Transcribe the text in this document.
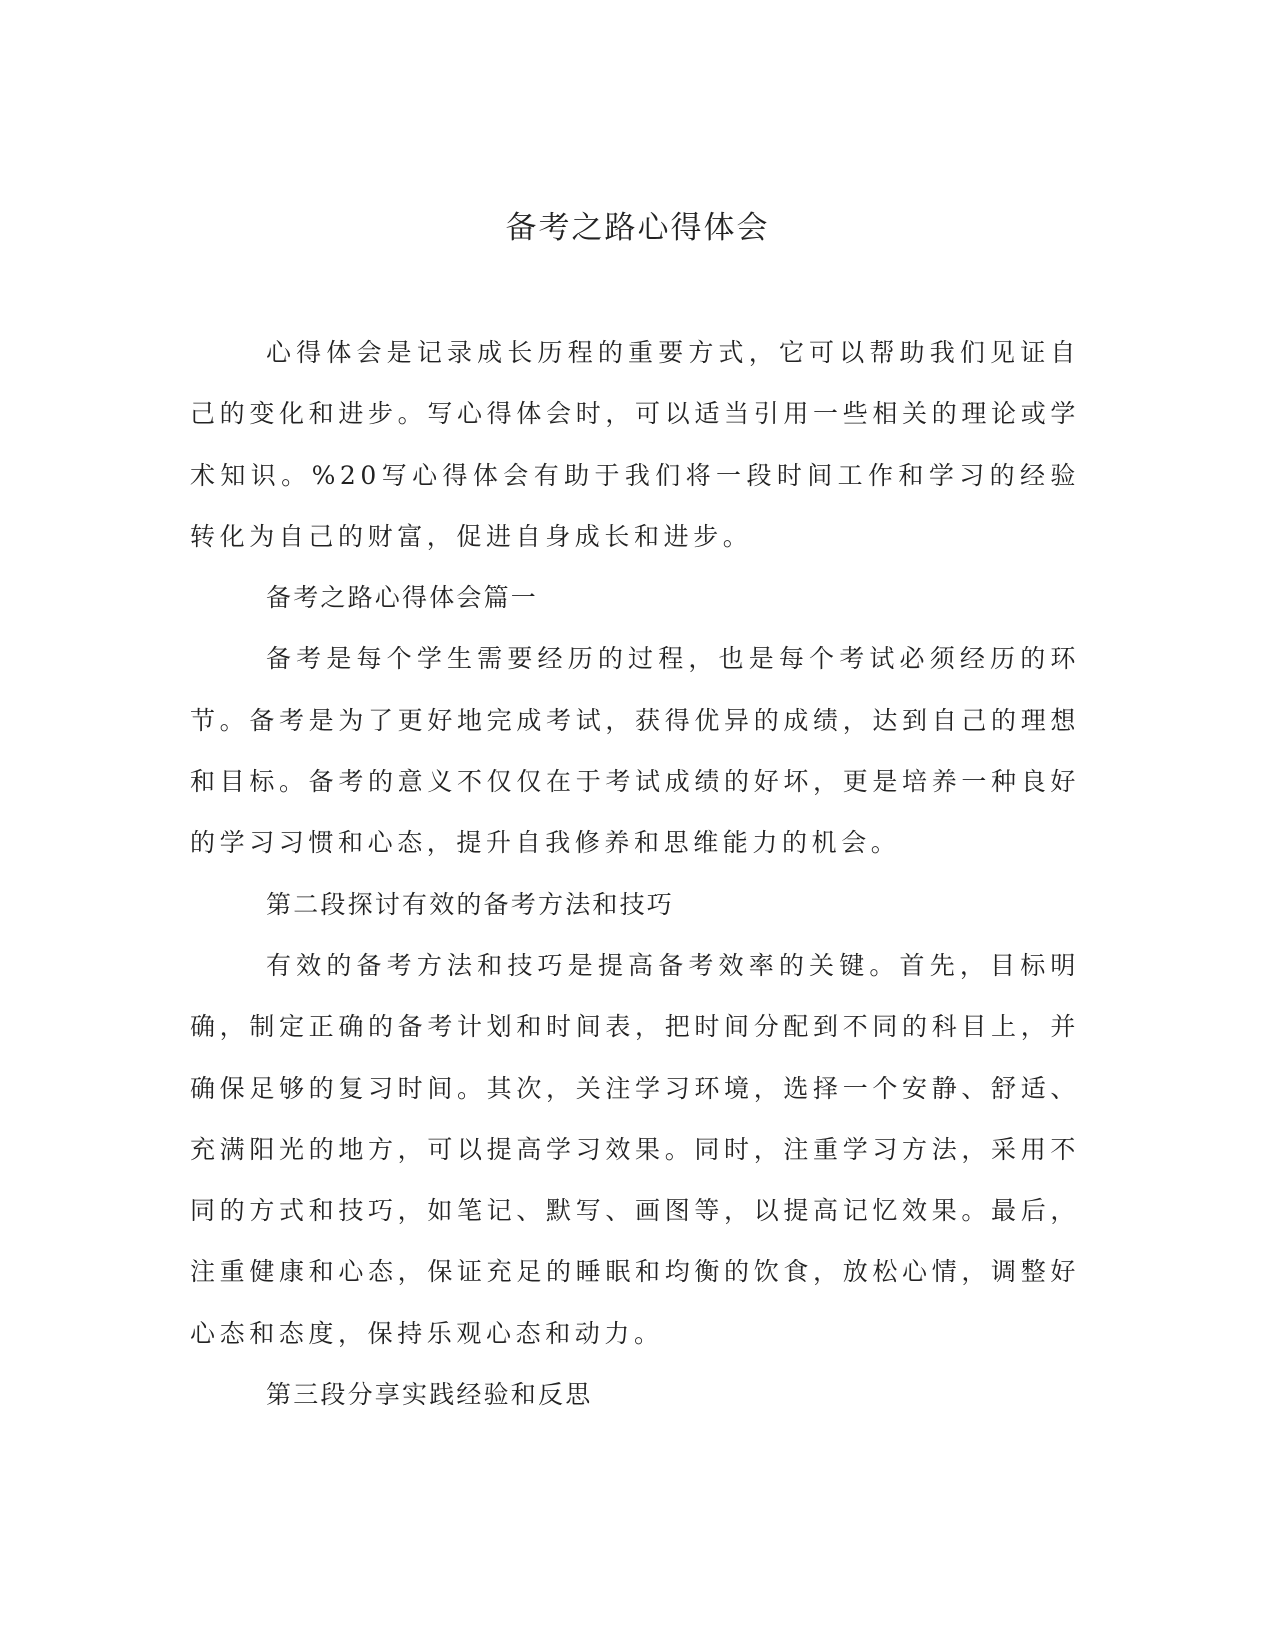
备考之路心得体会

心得体会是记录成长历程的重要方式，它可以帮助我们见证自己的变化和进步。写心得体会时，可以适当引用一些相关的理论或学术知识。%20写心得体会有助于我们将一段时间工作和学习的经验转化为自己的财富，促进自身成长和进步。

备考之路心得体会篇一

备考是每个学生需要经历的过程，也是每个考试必须经历的环节。备考是为了更好地完成考试，获得优异的成绩，达到自己的理想和目标。备考的意义不仅仅在于考试成绩的好坏，更是培养一种良好的学习习惯和心态，提升自我修养和思维能力的机会。

第二段探讨有效的备考方法和技巧

有效的备考方法和技巧是提高备考效率的关键。首先，目标明确，制定正确的备考计划和时间表，把时间分配到不同的科目上，并确保足够的复习时间。其次，关注学习环境，选择一个安静、舒适、充满阳光的地方，可以提高学习效果。同时，注重学习方法，采用不同的方式和技巧，如笔记、默写、画图等，以提高记忆效果。最后，注重健康和心态，保证充足的睡眠和均衡的饮食，放松心情，调整好心态和态度，保持乐观心态和动力。

第三段分享实践经验和反思
